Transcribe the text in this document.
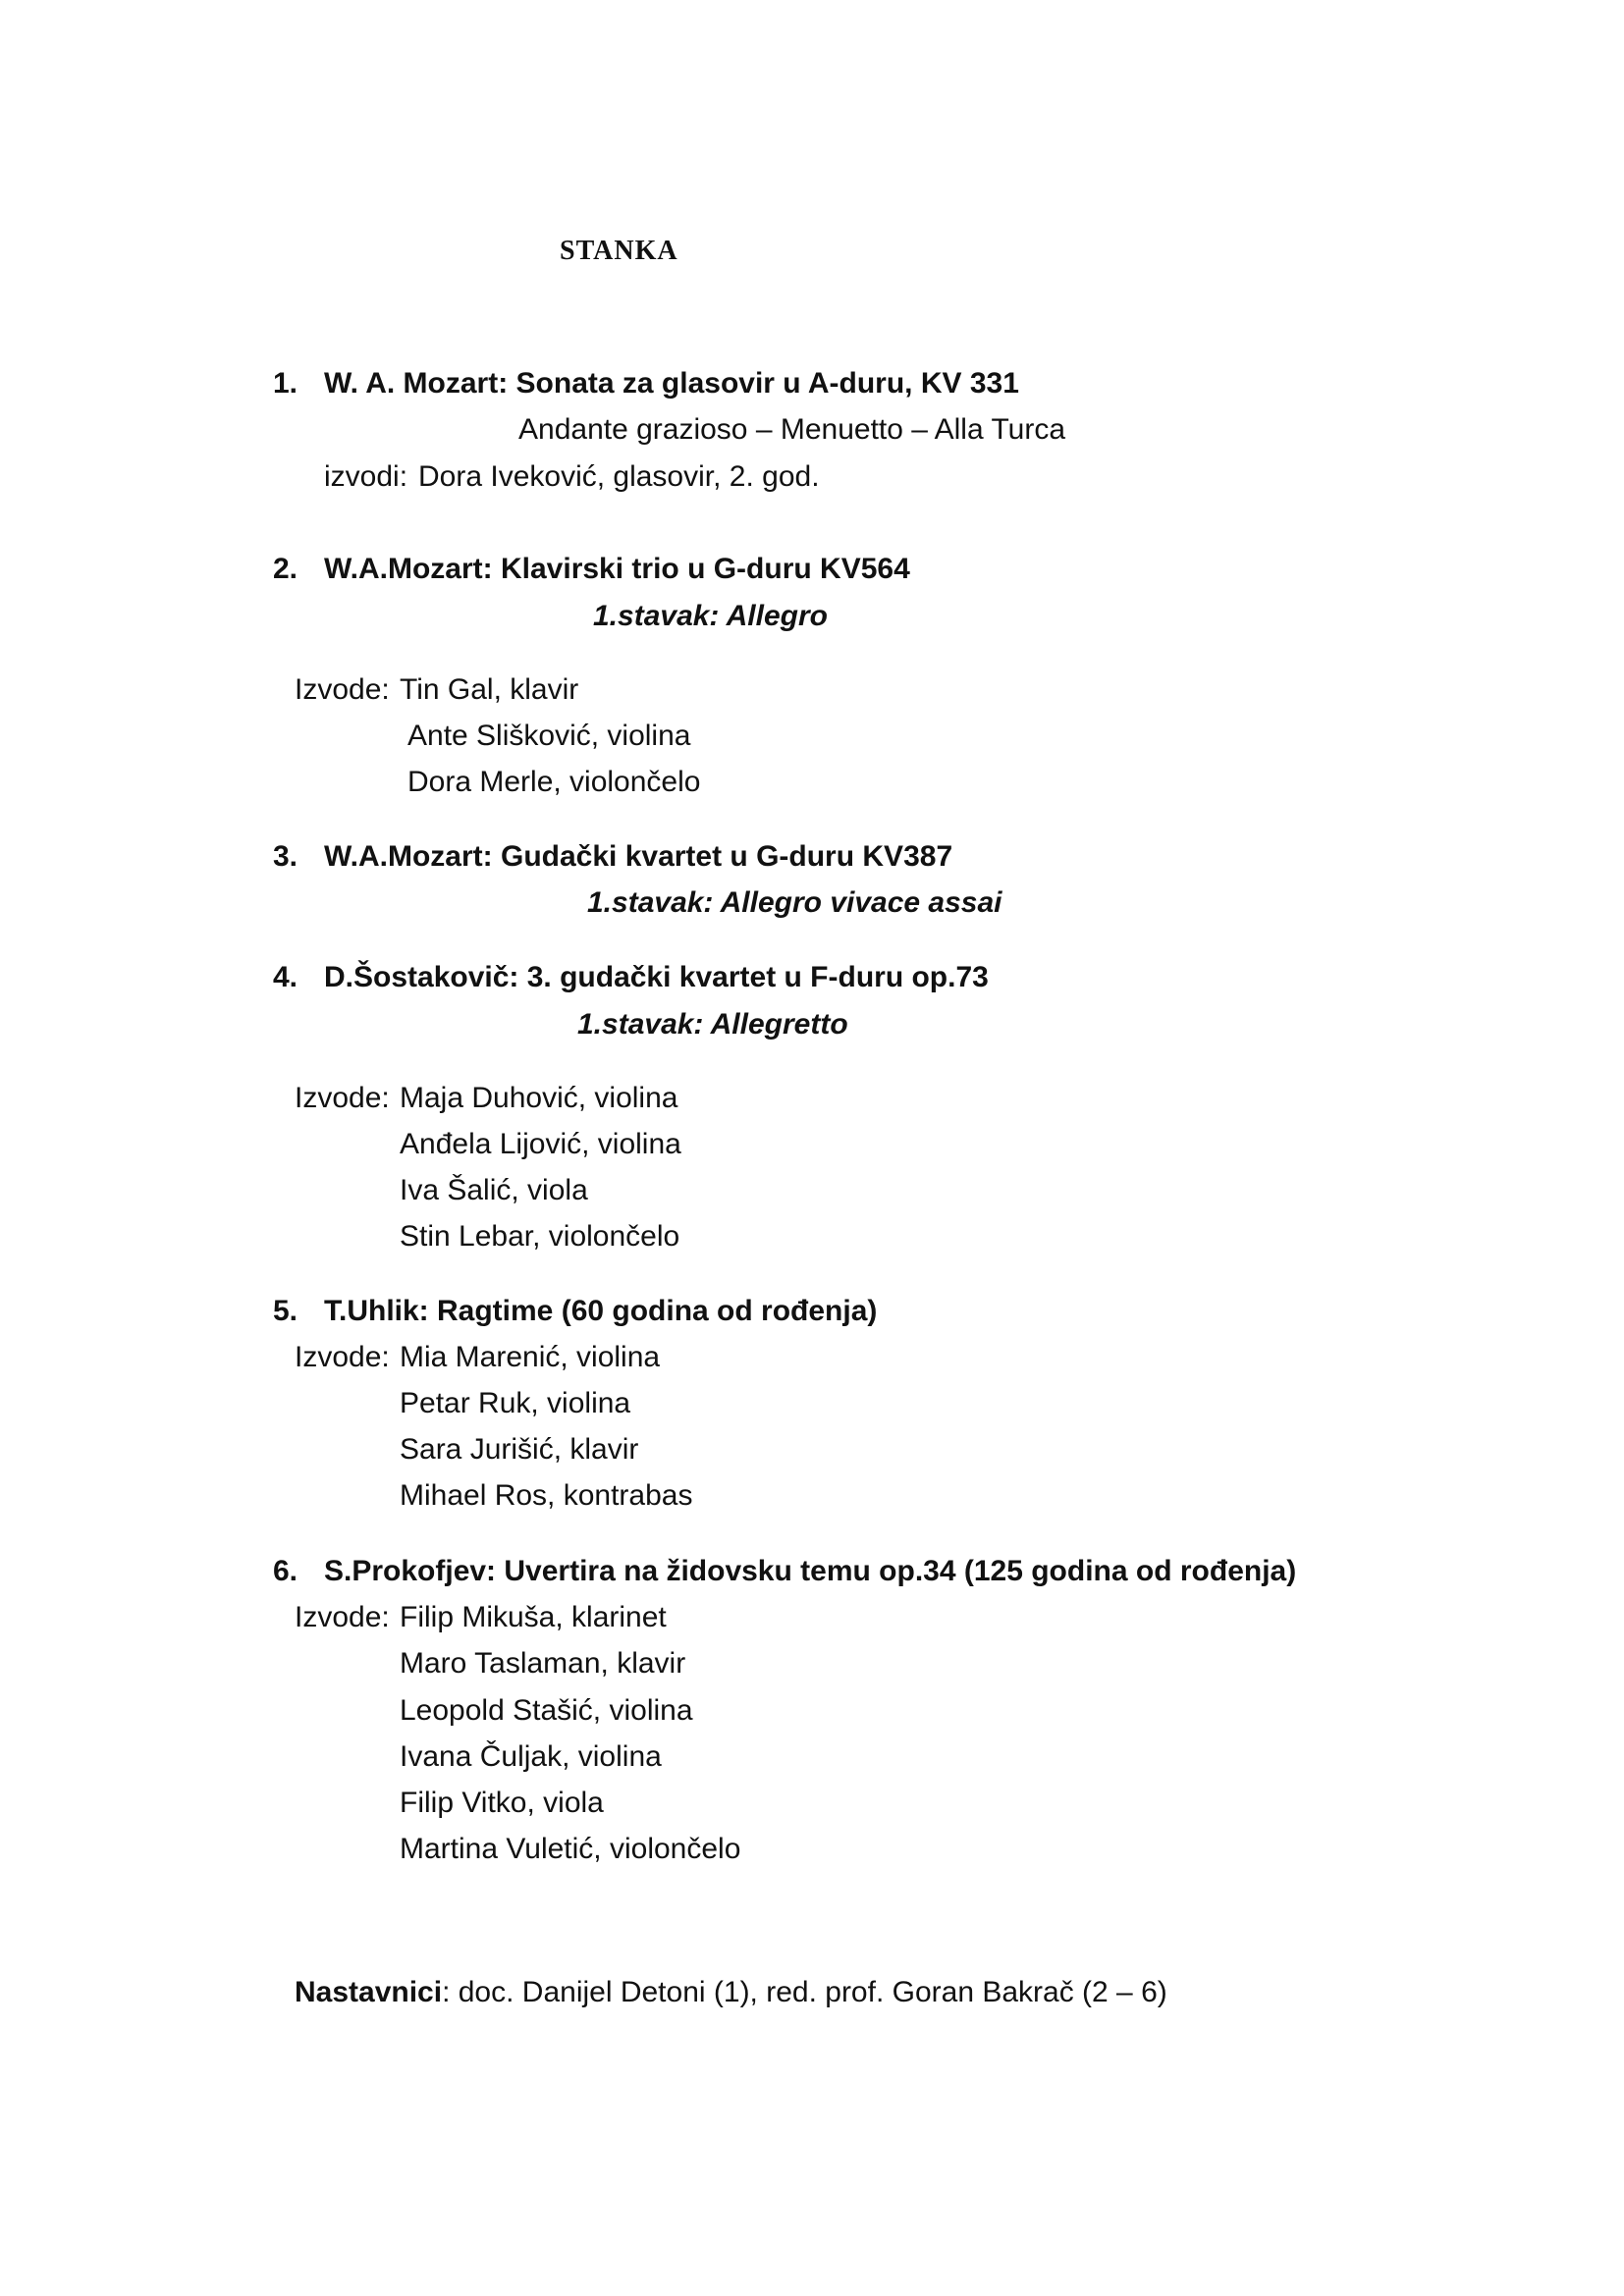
STANKA
1. W. A. Mozart: Sonata za glasovir u A-duru, KV 331
Andante grazioso – Menuetto – Alla Turca
izvodi: Dora Iveković, glasovir, 2. god.
2. W.A.Mozart: Klavirski trio u G-duru KV564
1.stavak: Allegro
Izvode: Tin Gal, klavir
Ante Slišković, violina
Dora Merle, violončelo
3. W.A.Mozart: Gudački kvartet u G-duru KV387
1.stavak: Allegro vivace assai
4. D.Šostakovič: 3. gudački kvartet u F-duru op.73
1.stavak: Allegretto
Izvode: Maja Duhović, violina
Anđela Lijović, violina
Iva Šalić, viola
Stin Lebar, violončelo
5. T.Uhlik: Ragtime (60 godina od rođenja)
Izvode: Mia Marenić, violina
Petar Ruk, violina
Sara Jurišić, klavir
Mihael Ros, kontrabas
6. S.Prokofjev: Uvertira na židovsku temu op.34 (125 godina od rođenja)
Izvode: Filip Mikuša, klarinet
Maro Taslaman, klavir
Leopold Stašić, violina
Ivana Čuljak, violina
Filip Vitko, viola
Martina Vuletić, violončelo
Nastavnici: doc. Danijel Detoni (1), red. prof. Goran Bakrač (2 – 6)
